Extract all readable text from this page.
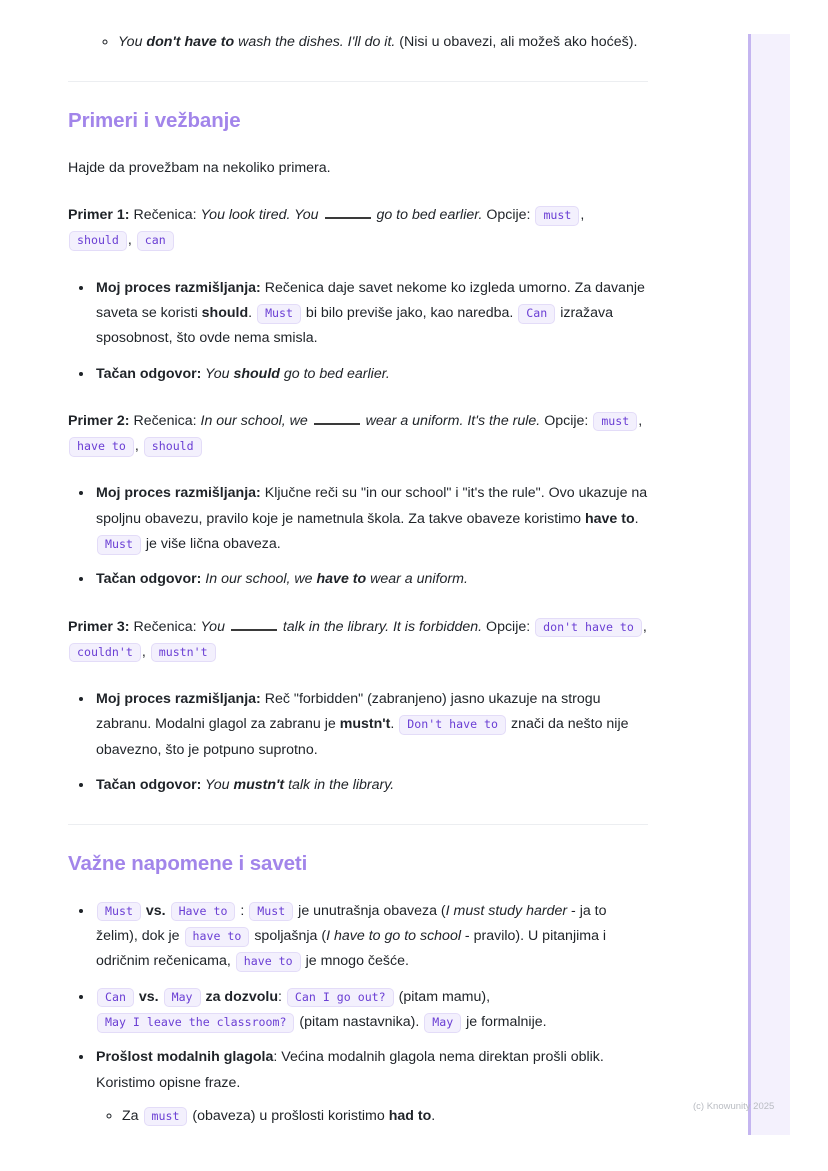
◦ You don't have to wash the dishes. I'll do it. (Nisi u obavezi, ali možeš ako hoćeš).
Primeri i vežbanje

Hajde da provežbam na nekoliko primera.

Primer 1: Rečenica: You look tired. You	go to bed earlier. Opcije: must , should , can

• Moj proces razmišljanja: Rečenica daje savet nekome ko izgleda umorno. Za davanje saveta se koristi should. Must bi bilo previše jako, kao naredba. Can izražava sposobnost, što ovde nema smisla.
• Tačan odgovor: You should go to bed earlier.

Primer 2: Rečenica: In our school, we	wear a uniform. It's the rule. Opcije: must , have to , should

• Moj proces razmišljanja: Ključne reči su "in our school" i "it's the rule". Ovo ukazuje na spoljnu obavezu, pravilo koje je nametnula škola. Za takve obaveze koristimo have to. Must je više lična obaveza.
• Tačan odgovor: In our school, we have to wear a uniform.

Primer 3: Rečenica: You	talk in the library. It is forbidden. Opcije: don't have to , couldn't , mustn't

• Moj proces razmišljanja: Reč "forbidden" (zabranjeno) jasno ukazuje na strogu zabranu. Modalni glagol za zabranu je mustn't. Don't have to znači da nešto nije obavezno, što je potpuno suprotno.
• Tačan odgovor: You mustn't talk in the library.
Važne napomene i saveti
• Must vs. Have to : Must je unutrašnja obaveza (I must study harder - ja to želim), dok je have to spoljašnja (I have to go to school - pravilo). U pitanjima i odričnim rečenicama, have to je mnogo češće.
• Can vs. May za dozvolu: Can I go out? (pitam mamu), May I leave the classroom? (pitam nastavnika). May je formalnije.
• Prošlost modalnih glagola: Većina modalnih glagola nema direktan prošli oblik. Koristimo opisne fraze.
◦ Za must (obaveza) u prošlosti koristimo had to.
(c) Knowunity 2025
